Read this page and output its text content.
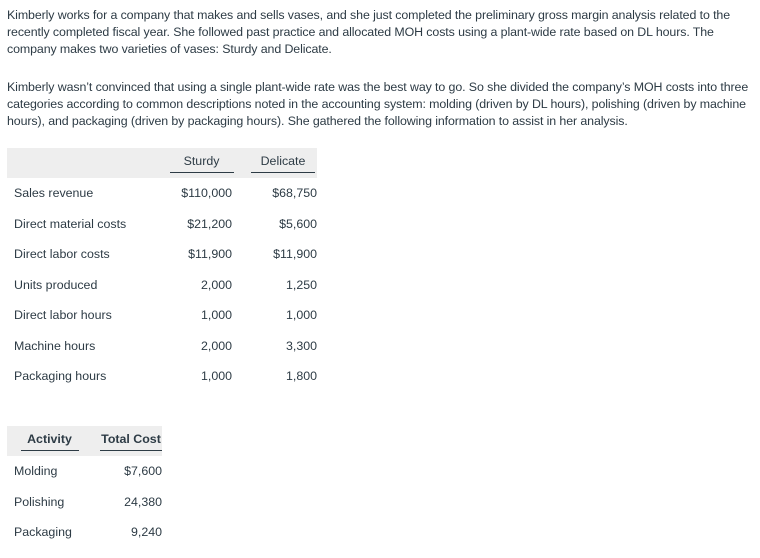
Kimberly works for a company that makes and sells vases, and she just completed the preliminary gross margin analysis related to the recently completed fiscal year. She followed past practice and allocated MOH costs using a plant-wide rate based on DL hours. The company makes two varieties of vases: Sturdy and Delicate.

Kimberly wasn’t convinced that using a single plant-wide rate was the best way to go. So she divided the company’s MOH costs into three categories according to common descriptions noted in the accounting system: molding (driven by DL hours), polishing (driven by machine hours), and packaging (driven by packaging hours). She gathered the following information to assist in her analysis.

	Sturdy	Delicate
Sales revenue	$110,000	$68,750
Direct material costs	$21,200	$5,600
Direct labor costs	$11,900	$11,900
Units produced	2,000	1,250
Direct labor hours	1,000	1,000
Machine hours	2,000	3,300
Packaging hours	1,000	1,800
Activity	Total Cost
Molding	$7,600
Polishing	24,380
Packaging	9,240
